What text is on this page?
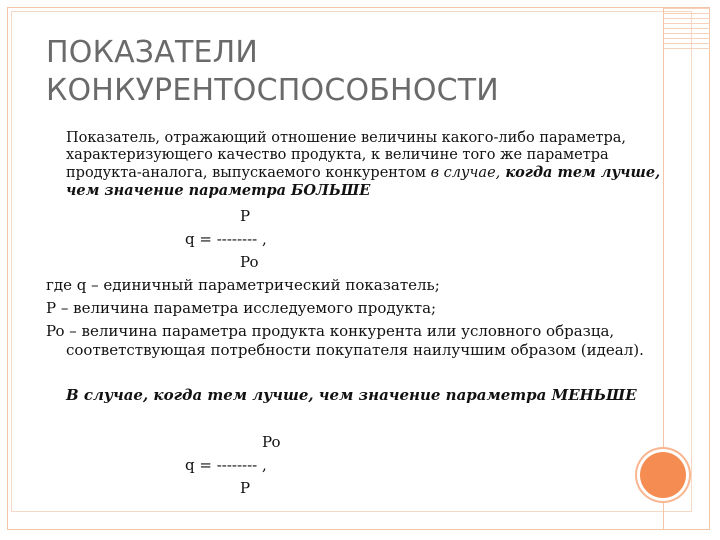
ПОКАЗАТЕЛИ
КОНКУРЕНТОСПОСОБНОСТИ

Показатель, отражающий отношение величины какого-либо параметра, характеризующего качество продукта, к величине того же параметра продукта-аналога, выпускаемого конкурентом в случае, когда тем лучше, чем значение параметра БОЛЬШЕ

P
q = -------- ,
Po
где q – единичный параметрический показатель;
P – величина параметра исследуемого продукта;
Po – величина параметра продукта конкурента или условного образца,
соответствующая потребности покупателя наилучшим образом (идеал).

В случае, когда тем лучше, чем значение параметра МЕНЬШЕ

Po
q = -------- ,
P
